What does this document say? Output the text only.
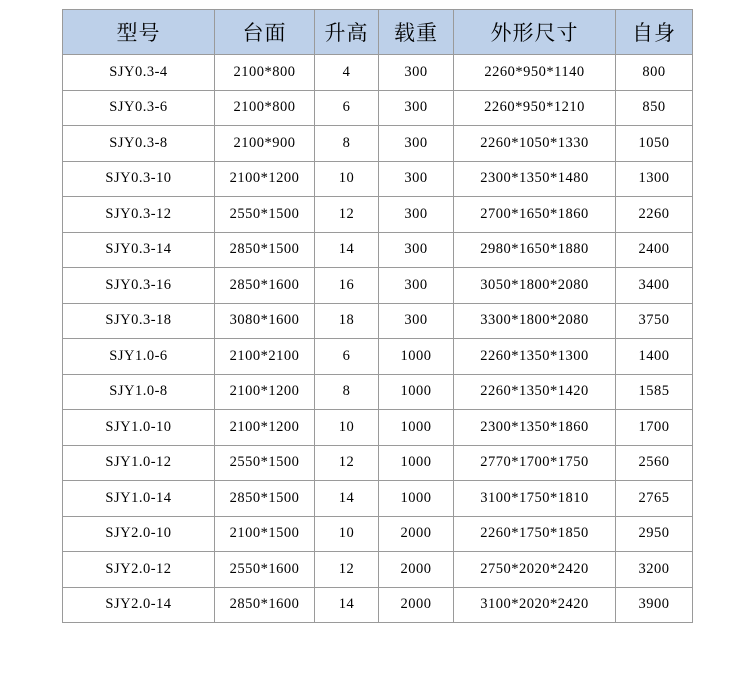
型号	台面	升高	载重	外形尺寸	自身
SJY0.3-4	2100*800	4	300	2260*950*1140	800
SJY0.3-6	2100*800	6	300	2260*950*1210	850
SJY0.3-8	2100*900	8	300	2260*1050*1330	1050
SJY0.3-10	2100*1200	10	300	2300*1350*1480	1300
SJY0.3-12	2550*1500	12	300	2700*1650*1860	2260
SJY0.3-14	2850*1500	14	300	2980*1650*1880	2400
SJY0.3-16	2850*1600	16	300	3050*1800*2080	3400
SJY0.3-18	3080*1600	18	300	3300*1800*2080	3750
SJY1.0-6	2100*2100	6	1000	2260*1350*1300	1400
SJY1.0-8	2100*1200	8	1000	2260*1350*1420	1585
SJY1.0-10	2100*1200	10	1000	2300*1350*1860	1700
SJY1.0-12	2550*1500	12	1000	2770*1700*1750	2560
SJY1.0-14	2850*1500	14	1000	3100*1750*1810	2765
SJY2.0-10	2100*1500	10	2000	2260*1750*1850	2950
SJY2.0-12	2550*1600	12	2000	2750*2020*2420	3200
SJY2.0-14	2850*1600	14	2000	3100*2020*2420	3900
